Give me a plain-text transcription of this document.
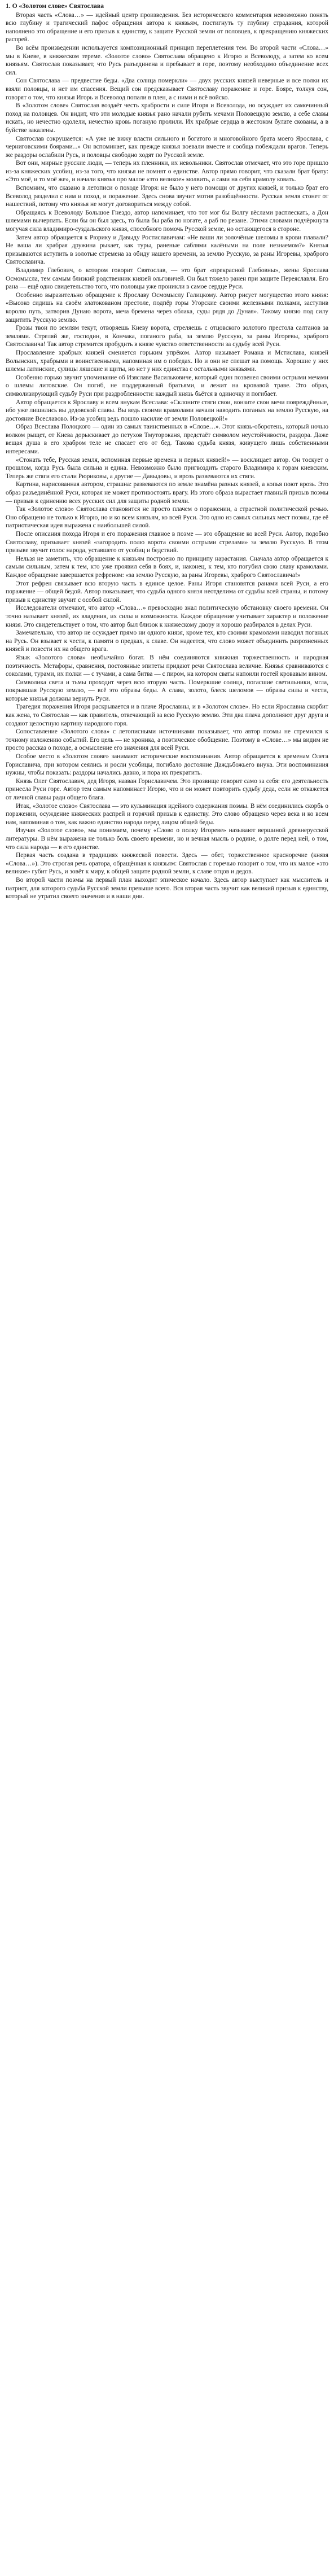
1. О «Золотом слове» Святослава

Вторая часть «Слова…» — идейный центр произведения. Без исторического комментария невозможно понять всю глубину и трагический пафос обращения автора к князьям, постигнуть ту глубину страдания, которой наполнено это обращение и его призыв к единству, к защите Русской земли от половцев, к прекращению княжеских распрей.

Во всём произведении используется композиционный принцип переплетения тем. Во второй части «Слова…» мы в Киеве, в княжеском тереме. «Золотое слово» Святослава обращено к Игорю и Всеволоду, а затем ко всем князьям. Святослав показывает, что Русь разъединена и пребывает в горе, поэтому необходимо объединение всех сил.

Сон Святослава — предвестие беды. «Два солнца померкли» — двух русских князей неверные и все полки их взяли половцы, и нет им спасения. Вещий сон предсказывает Святославу поражение и горе. Бояре, толкуя сон, говорят о том, что князья Игорь и Всеволод попали в плен, а с ними и всё войско.

В «Золотом слове» Святослав воздаёт честь храбрости и силе Игоря и Всеволода, но осуждает их самочинный поход на половцев. Он видит, что эти молодые князья рано начали рубить мечами Половецкую землю, а себе славы искать, но нечестно одолели, нечестно кровь поганую пролили. Их храбрые сердца в жестоком булате скованы, а в буйстве закалены.

Святослав сокрушается: «А уже не вижу власти сильного и богатого и многовойного брата моего Ярослава, с черниговскими боярами...» Он вспоминает, как прежде князья воевали вместе и сообща побеждали врагов. Теперь же раздоры ослабили Русь, и половцы свободно ходят по Русской земле.

Вот они, мирные русские люди, — теперь их пленники, их невольники. Святослав отмечает, что это горе пришло из-за княжеских усобиц, из-за того, что князья не помнят о единстве. Автор прямо говорит, что сказали брат брату: «Это моё, и то моё же», и начали князья про малое «это великое» молвить, а сами на себя крамолу ковать.

Вспомним, что сказано в летописи о походе Игоря: не было у него помощи от других князей, и только брат его Всеволод разделил с ним и поход, и поражение. Здесь снова звучит мотив разобщённости. Русская земля стонет от нашествий, потому что князья не могут договориться между собой.

Обращаясь к Всеволоду Большое Гнездо, автор напоминает, что тот мог бы Волгу вёслами расплескать, а Дон шлемами вычерпать. Если бы он был здесь, то была бы раба по ногате, а раб по резане. Этими словами подчёркнута могучая сила владимиро-суздальского князя, способного помочь Русской земле, но остающегося в стороне.

Затем автор обращается к Рюрику и Давыду Ростиславичам: «Не ваши ли золочёные шеломы в крови плавали? Не ваша ли храбрая дружина рыкает, как туры, раненые саблями калёными на поле незнаемом?» Князья призываются вступить в золотые стремена за обиду нашего времени, за землю Русскую, за раны Игоревы, храброго Святославича.

Владимир Глебович, о котором говорит Святослав, — это брат «прекрасной Глебовны», жены Ярослава Осмомысла, тем самым близкий родственник князей ольговичей. Он был тяжело ранен при защите Переяславля. Его рана — ещё одно свидетельство того, что половцы уже проникли в самое сердце Руси.

Особенно выразительно обращение к Ярославу Осмомыслу Галицкому. Автор рисует могущество этого князя: «Высоко сидишь на своём златокованом престоле, подпёр горы Угорские своими железными полками, заступив королю путь, затворив Дунаю ворота, меча бремена через облака, суды рядя до Дуная». Такому князю под силу защитить Русскую землю.

Грозы твои по землям текут, отворяешь Киеву ворота, стреляешь с отцовского золотого престола салтанов за землями. Стреляй же, господин, в Кончака, поганого раба, за землю Русскую, за раны Игоревы, храброго Святославича! Так автор стремится пробудить в князе чувство ответственности за судьбу всей Руси.

Прославление храбрых князей сменяется горьким упрёком. Автор называет Романа и Мстислава, князей Волынских, храбрыми и воинственными, напоминая им о победах. Но и они не спешат на помощь. Хорошие у них шлемы латинские, сулицы ляшские и щиты, но нет у них единства с остальными князьями.

Особенно горько звучит упоминание об Изяславе Васильковиче, который один позвенел своими острыми мечами о шлемы литовские. Он погиб, не поддержанный братьями, и лежит на кровавой траве. Это образ, символизирующий судьбу Руси при раздробленности: каждый князь бьётся в одиночку и погибает.

Автор обращается к Ярославу и всем внукам Всеслава: «Склоните стяги свои, вонзите свои мечи повреждённые, ибо уже лишились вы дедовской славы. Вы ведь своими крамолами начали наводить поганых на землю Русскую, на достояние Всеславово. Из-за усобиц ведь пошло насилие от земли Половецкой!»

Образ Всеслава Полоцкого — один из самых таинственных в «Слове…». Этот князь-оборотень, который ночью волком рыщет, от Киева дорыскивает до петухов Тмутороканя, предстаёт символом неустойчивости, раздора. Даже вещая душа в его храбром теле не спасает его от бед. Такова судьба князя, живущего лишь собственными интересами.

«Стонать тебе, Русская земля, вспоминая первые времена и первых князей!» — восклицает автор. Он тоскует о прошлом, когда Русь была сильна и едина. Невозможно было пригвоздить старого Владимира к горам киевским. Теперь же стяги его стали Рюриковы, а другие — Давыдовы, и врозь развеваются их стяги.

Картина, нарисованная автором, страшна: развеваются по земле знамёна разных князей, а копья поют врозь. Это образ разъединённой Руси, которая не может противостоять врагу. Из этого образа вырастает главный призыв поэмы — призыв к единению всех русских сил для защиты родной земли.

Так «Золотое слово» Святослава становится не просто плачем о поражении, а страстной политической речью. Оно обращено не только к Игорю, но и ко всем князьям, ко всей Руси. Это одно из самых сильных мест поэмы, где её патриотическая идея выражена с наибольшей силой.

После описания похода Игоря и его поражения главное в поэме — это обращение ко всей Руси. Автор, подобно Святославу, призывает князей «загородить полю ворота своими острыми стрелами» за землю Русскую. В этом призыве звучит голос народа, уставшего от усобиц и бедствий.

Нельзя не заметить, что обращение к князьям построено по принципу нарастания. Сначала автор обращается к самым сильным, затем к тем, кто уже проявил себя в боях, и, наконец, к тем, кто погубил свою славу крамолами. Каждое обращение завершается рефреном: «за землю Русскую, за раны Игоревы, храброго Святославича!»

Этот рефрен связывает всю вторую часть в единое целое. Раны Игоря становятся ранами всей Руси, а его поражение — общей бедой. Автор показывает, что судьба одного князя неотделима от судьбы всей страны, и потому призыв к единству звучит с особой силой.

Исследователи отмечают, что автор «Слова…» превосходно знал политическую обстановку своего времени. Он точно называет князей, их владения, их силы и возможности. Каждое обращение учитывает характер и положение князя. Это свидетельствует о том, что автор был близок к княжескому двору и хорошо разбирался в делах Руси.

Замечательно, что автор не осуждает прямо ни одного князя, кроме тех, кто своими крамолами наводил поганых на Русь. Он взывает к чести, к памяти о предках, к славе. Он надеется, что слово может объединить разрозненных князей и повести их на общего врага.

Язык «Золотого слова» необычайно богат. В нём соединяются книжная торжественность и народная поэтичность. Метафоры, сравнения, постоянные эпитеты придают речи Святослава величие. Князья сравниваются с соколами, турами, их полки — с тучами, а сама битва — с пиром, на котором сваты напоили гостей кровавым вином.

Символика света и тьмы проходит через всю вторую часть. Померкшие солнца, погасшие светильники, мгла, покрывшая Русскую землю, — всё это образы беды. А слава, золото, блеск шеломов — образы силы и чести, которые князья должны вернуть Руси.

Трагедия поражения Игоря раскрывается и в плаче Ярославны, и в «Золотом слове». Но если Ярославна скорбит как жена, то Святослав — как правитель, отвечающий за всю Русскую землю. Эти два плача дополняют друг друга и создают целостную картину народного горя.

Сопоставление «Золотого слова» с летописными источниками показывает, что автор поэмы не стремился к точному изложению событий. Его цель — не хроника, а поэтическое обобщение. Поэтому в «Слове…» мы видим не просто рассказ о походе, а осмысление его значения для всей Руси.

Особое место в «Золотом слове» занимают исторические воспоминания. Автор обращается к временам Олега Гориславича, при котором сеялись и росли усобицы, погибало достояние Даждьбожьего внука. Эти воспоминания нужны, чтобы показать: раздоры начались давно, и пора их прекратить.

Князь Олег Святославич, дед Игоря, назван Гориславичем. Это прозвище говорит само за себя: его деятельность принесла Руси горе. Автор тем самым напоминает Игорю, что и он может повторить судьбу деда, если не откажется от личной славы ради общего блага.

Итак, «Золотое слово» Святослава — это кульминация идейного содержания поэмы. В нём соединились скорбь о поражении, осуждение княжеских распрей и горячий призыв к единству. Это слово обращено через века и ко всем нам, напоминая о том, как важно единство народа перед лицом общей беды.

Изучая «Золотое слово», мы понимаем, почему «Слово о полку Игореве» называют вершиной древнерусской литературы. В нём выражена не только боль своего времени, но и вечная мысль о родине, о долге перед ней, о том, что сила народа — в его единстве.

Первая часть создана в традициях княжеской повести. Здесь — обет, торжественное красноречие (князя «Слова…»). Это строгая речь оратора, обращённая к князьям: Святослав с горечью говорит о том, что их малое «это великое» губит Русь, и зовёт к миру, к общей защите родной земли, к славе отцов и дедов.

Во второй части поэмы на первый план выходит эпическое начало. Здесь автор выступает как мыслитель и патриот, для которого судьба Русской земли превыше всего. Вся вторая часть звучит как великий призыв к единству, который не утратил своего значения и в наши дни.
